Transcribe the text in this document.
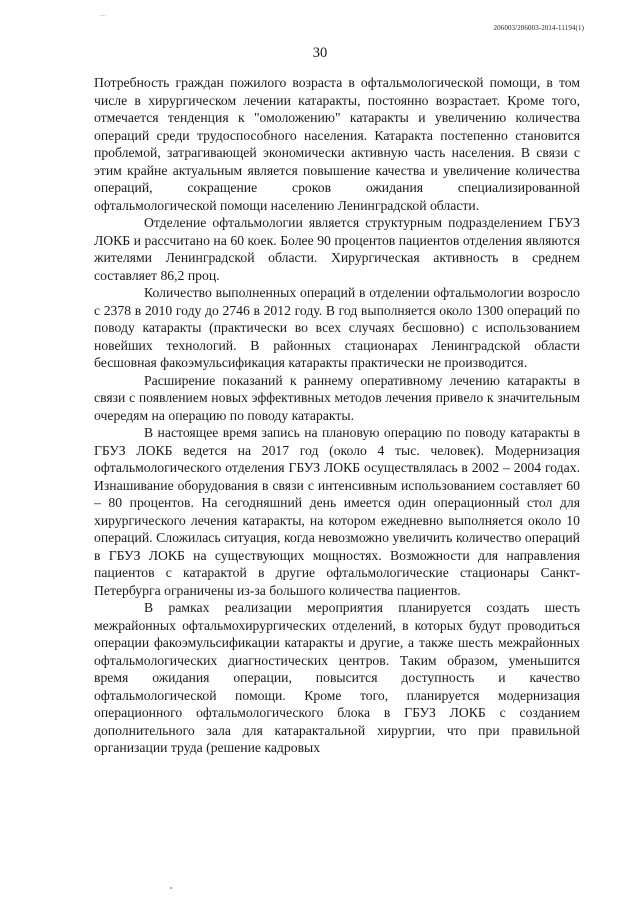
....
206003/206003-2014-11194(1)
30

Потребность граждан пожилого возраста в офтальмологической помощи, в том числе в хирургическом лечении катаракты, постоянно возрастает. Кроме того, отмечается тенденция к "омоложению" катаракты и увеличению количества операций среди трудоспособного населения. Катаракта постепенно становится проблемой, затрагивающей экономически активную часть населения. В связи с этим крайне актуальным является повышение качества и увеличение количества операций, сокращение сроков ожидания специализированной офтальмологической помощи населению Ленинградской области.

Отделение офтальмологии является структурным подразделением ГБУЗ ЛОКБ и рассчитано на 60 коек. Более 90 процентов пациентов отделения являются жителями Ленинградской области. Хирургическая активность в среднем составляет 86,2 проц.

Количество выполненных операций в отделении офтальмологии возросло с 2378 в 2010 году до 2746 в 2012 году. В год выполняется около 1300 операций по поводу катаракты (практически во всех случаях бесшовно) с использованием новейших технологий. В районных стационарах Ленинградской области бесшовная факоэмульсификация катаракты практически не производится.

Расширение показаний к раннему оперативному лечению катаракты в связи с появлением новых эффективных методов лечения привело к значительным очередям на операцию по поводу катаракты.

В настоящее время запись на плановую операцию по поводу катаракты в ГБУЗ ЛОКБ ведется на 2017 год (около 4 тыс. человек). Модернизация офтальмологического отделения ГБУЗ ЛОКБ осуществлялась в 2002 – 2004 годах. Изнашивание оборудования в связи с интенсивным использованием составляет 60 – 80 процентов. На сегодняшний день имеется один операционный стол для хирургического лечения катаракты, на котором ежедневно выполняется около 10 операций. Сложилась ситуация, когда невозможно увеличить количество операций в ГБУЗ ЛОКБ на существующих мощностях. Возможности для направления пациентов с катарактой в другие офтальмологические стационары Санкт-Петербурга ограничены из-за большого количества пациентов.

В рамках реализации мероприятия планируется создать шесть межрайонных офтальмохирургических отделений, в которых будут проводиться операции факоэмульсификации катаракты и другие, а также шесть межрайонных офтальмологических диагностических центров. Таким образом, уменьшится время ожидания операции, повысится доступность и качество офтальмологической помощи. Кроме того, планируется модернизация операционного офтальмологического блока в ГБУЗ ЛОКБ с созданием дополнительного зала для катарактальной хирургии, что при правильной организации труда (решение кадровых
